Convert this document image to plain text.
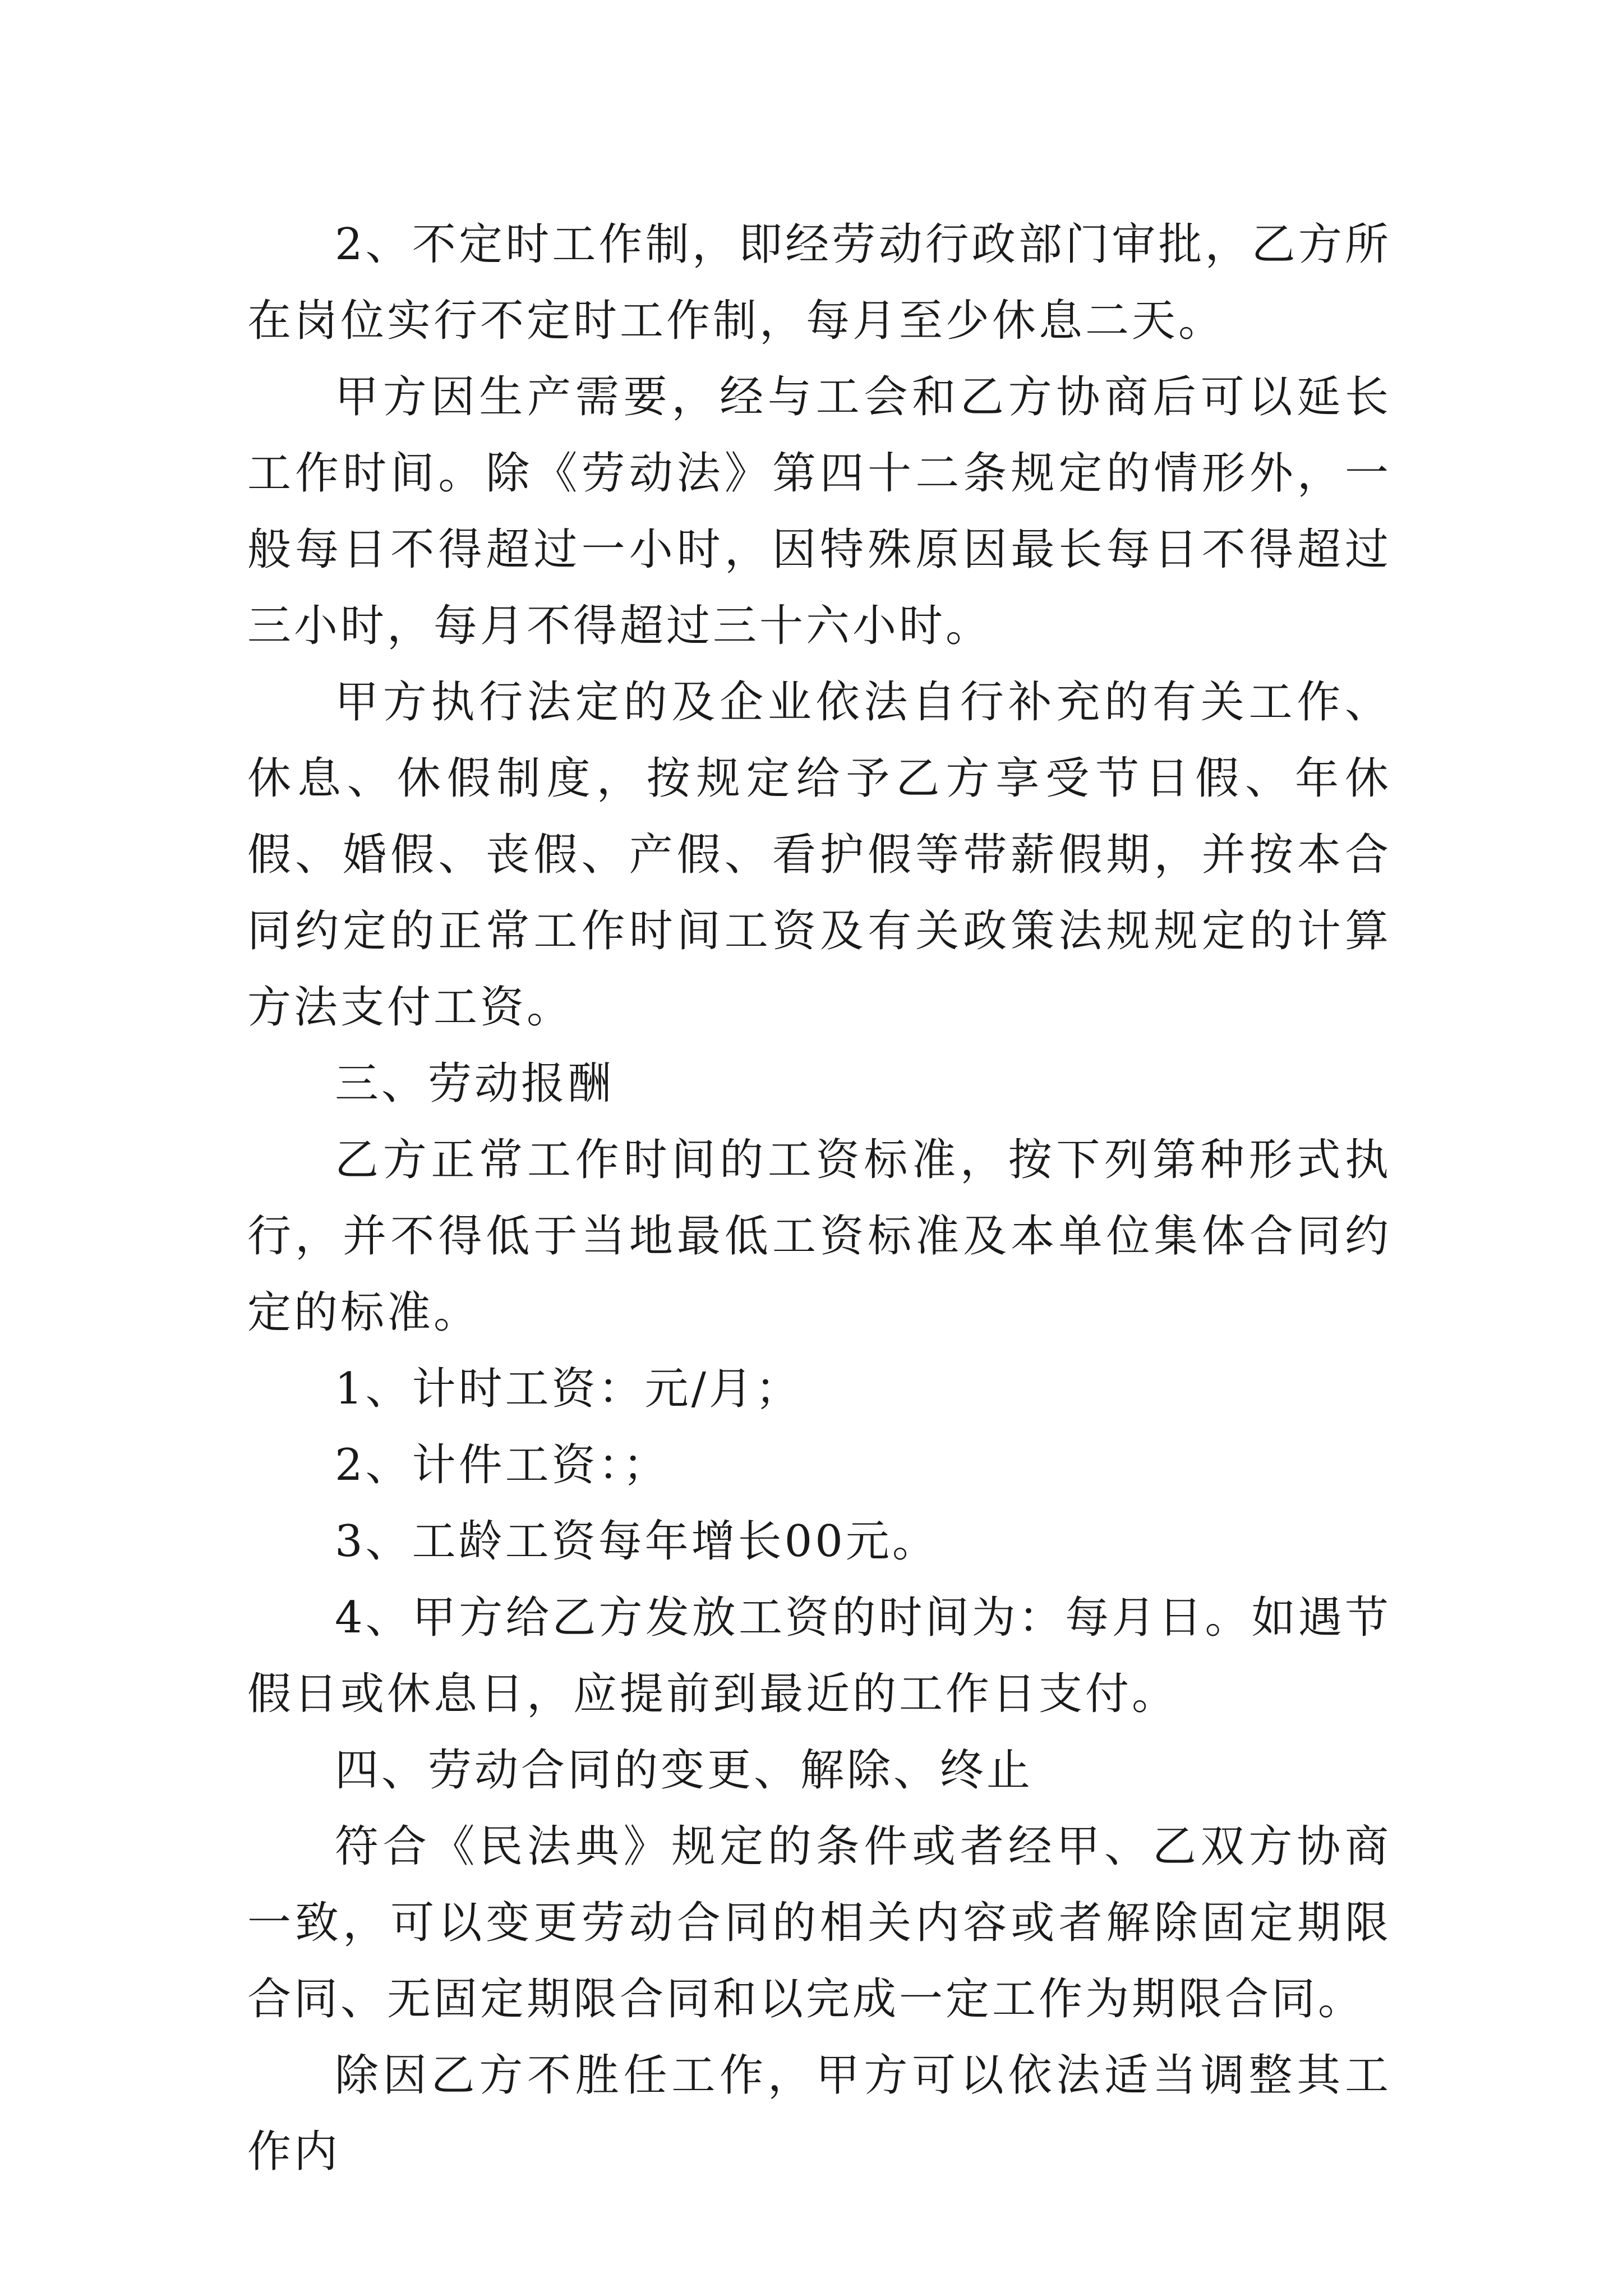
2、不定时工作制，即经劳动行政部门审批，乙方所在岗位实行不定时工作制，每月至少休息二天。

甲方因生产需要，经与工会和乙方协商后可以延长工作时间。除《劳动法》第四十二条规定的情形外，一般每日不得超过一小时，因特殊原因最长每日不得超过三小时，每月不得超过三十六小时。

甲方执行法定的及企业依法自行补充的有关工作、休息、休假制度，按规定给予乙方享受节日假、年休假、婚假、丧假、产假、看护假等带薪假期，并按本合同约定的正常工作时间工资及有关政策法规规定的计算方法支付工资。

三、劳动报酬

乙方正常工作时间的工资标准，按下列第种形式执行，并不得低于当地最低工资标准及本单位集体合同约定的标准。

1、计时工资：元/月；

2、计件工资：；

3、工龄工资每年增长00元。

4、甲方给乙方发放工资的时间为：每月日。如遇节假日或休息日，应提前到最近的工作日支付。

四、劳动合同的变更、解除、终止

符合《民法典》规定的条件或者经甲、乙双方协商一致，可以变更劳动合同的相关内容或者解除固定期限合同、无固定期限合同和以完成一定工作为期限合同。

除因乙方不胜任工作，甲方可以依法适当调整其工作内
